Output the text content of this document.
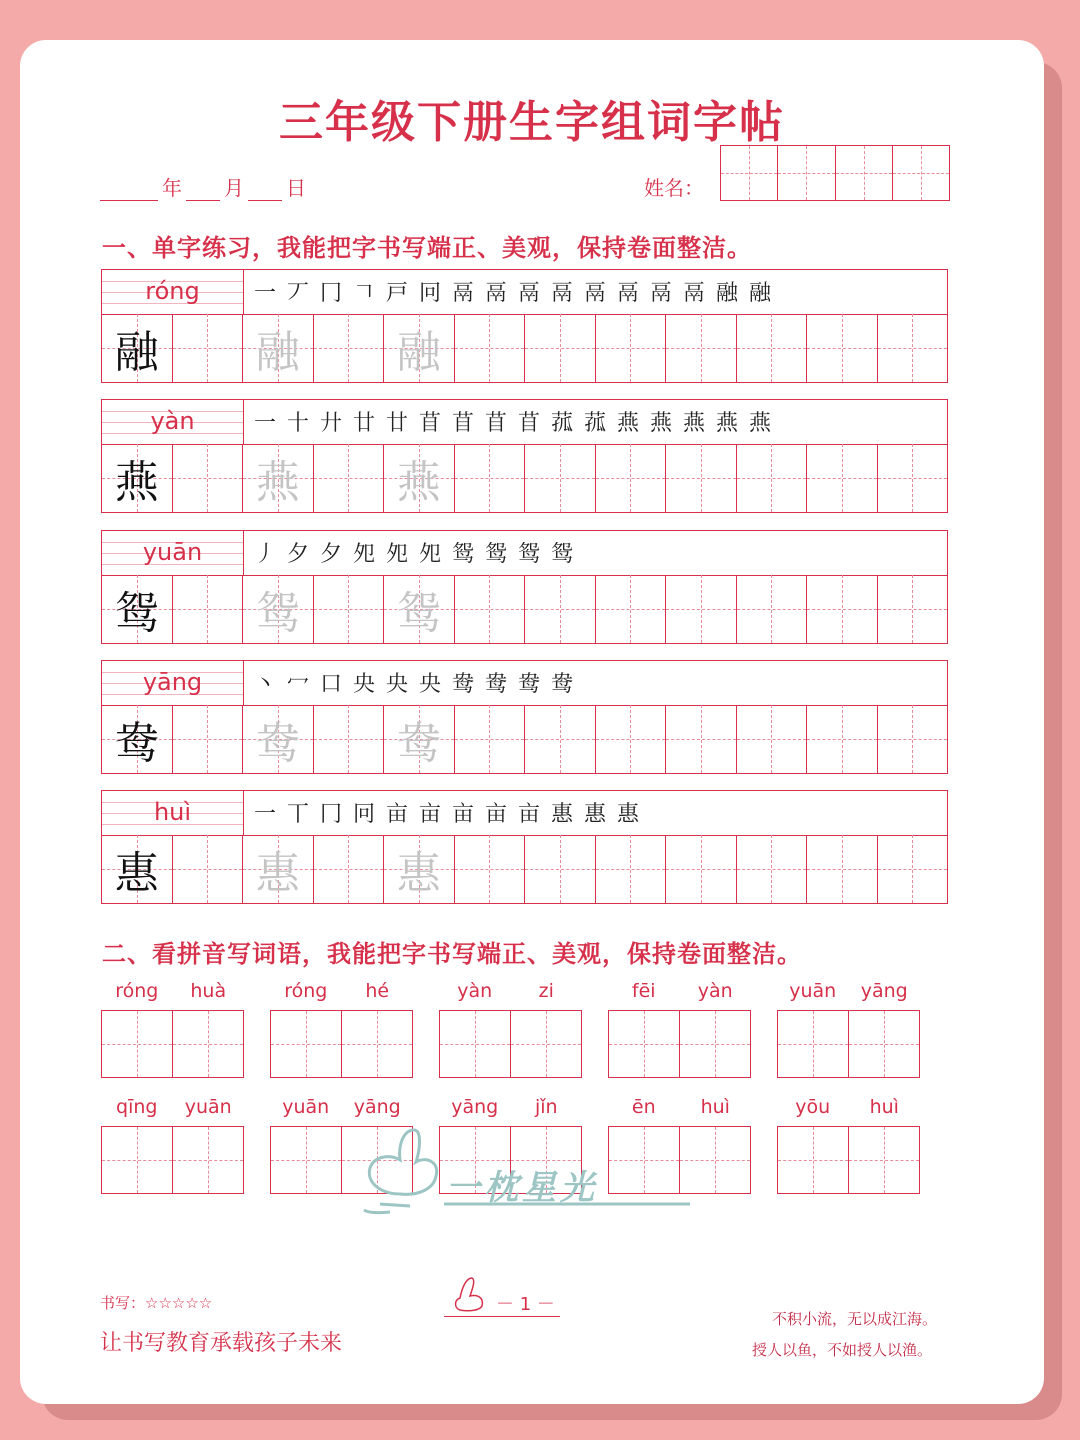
三年级下册生字组词字帖
年 月 日	姓名：
一、单字练习，我能把字书写端正、美观，保持卷面整洁。
róng	一丆冂𠃍戸冋鬲鬲鬲鬲鬲鬲鬲鬲融融
融 融 融
yàn	一十廾廿廿苜苜苜苜菰菰燕燕燕燕燕
燕 燕 燕
yuān	丿夕夕夗夗夗鸳鸳鸳鸳
鸳 鸳 鸳
yāng	丶冖口央央央鸯鸯鸯鸯
鸯 鸯 鸯
huì	一丅冂冋亩亩亩亩亩惠惠惠
惠 惠 惠
二、看拼音写词语，我能把字书写端正、美观，保持卷面整洁。
róng	huà	róng	hé	yàn	zi	fēi	yàn	yuān	yāng
qīng	yuān	yuān	yāng	yāng	jǐn	ēn	huì	yōu	huì
一枕星光
书写：☆☆☆☆☆
让书写教育承载孩子未来
－ 1 －
不积小流，无以成江海。
授人以鱼，不如授人以渔。
